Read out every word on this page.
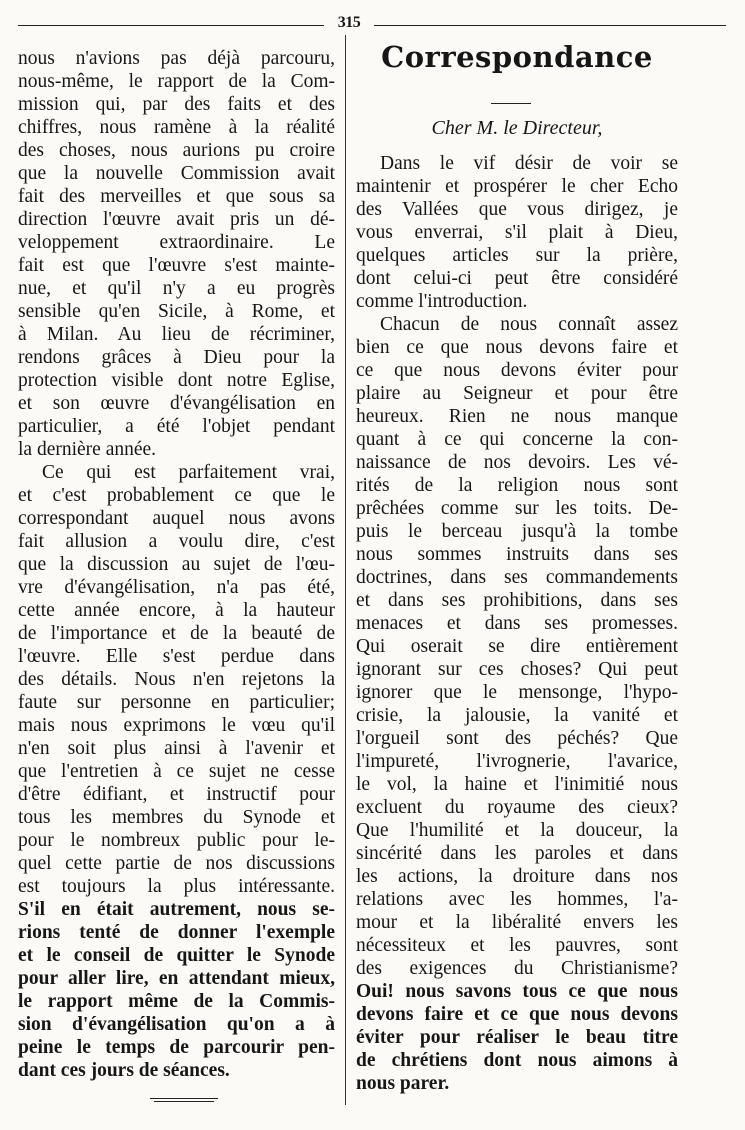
315
nous n'avions pas déjà parcouru,
nous-même, le rapport de la Com-
mission qui, par des faits et des
chiffres, nous ramène à la réalité
des choses, nous aurions pu croire
que la nouvelle Commission avait
fait des merveilles et que sous sa
direction l'œuvre avait pris un dé-
veloppement extraordinaire. Le
fait est que l'œuvre s'est mainte-
nue, et qu'il n'y a eu progrès
sensible qu'en Sicile, à Rome, et
à Milan. Au lieu de récriminer,
rendons grâces à Dieu pour la
protection visible dont notre Eglise,
et son œuvre d'évangélisation en
particulier, a été l'objet pendant
la dernière année.
Ce qui est parfaitement vrai,
et c'est probablement ce que le
correspondant auquel nous avons
fait allusion a voulu dire, c'est
que la discussion au sujet de l'œu-
vre d'évangélisation, n'a pas été,
cette année encore, à la hauteur
de l'importance et de la beauté de
l'œuvre. Elle s'est perdue dans
des détails. Nous n'en rejetons la
faute sur personne en particulier;
mais nous exprimons le vœu qu'il
n'en soit plus ainsi à l'avenir et
que l'entretien à ce sujet ne cesse
d'être édifiant, et instructif pour
tous les membres du Synode et
pour le nombreux public pour le-
quel cette partie de nos discussions
est toujours la plus intéressante.
S'il en était autrement, nous se-
rions tenté de donner l'exemple
et le conseil de quitter le Synode
pour aller lire, en attendant mieux,
le rapport même de la Commis-
sion d'évangélisation qu'on a à
peine le temps de parcourir pen-
dant ces jours de séances.
Correspondance
Cher M. le Directeur,
Dans le vif désir de voir se
maintenir et prospérer le cher Echo
des Vallées que vous dirigez, je
vous enverrai, s'il plait à Dieu,
quelques articles sur la prière,
dont celui-ci peut être considéré
comme l'introduction.
Chacun de nous connaît assez
bien ce que nous devons faire et
ce que nous devons éviter pour
plaire au Seigneur et pour être
heureux. Rien ne nous manque
quant à ce qui concerne la con-
naissance de nos devoirs. Les vé-
rités de la religion nous sont
prêchées comme sur les toits. De-
puis le berceau jusqu'à la tombe
nous sommes instruits dans ses
doctrines, dans ses commandements
et dans ses prohibitions, dans ses
menaces et dans ses promesses.
Qui oserait se dire entièrement
ignorant sur ces choses? Qui peut
ignorer que le mensonge, l'hypo-
crisie, la jalousie, la vanité et
l'orgueil sont des péchés? Que
l'impureté, l'ivrognerie, l'avarice,
le vol, la haine et l'inimitié nous
excluent du royaume des cieux?
Que l'humilité et la douceur, la
sincérité dans les paroles et dans
les actions, la droiture dans nos
relations avec les hommes, l'a-
mour et la libéralité envers les
nécessiteux et les pauvres, sont
des exigences du Christianisme?
Oui! nous savons tous ce que nous
devons faire et ce que nous devons
éviter pour réaliser le beau titre
de chrétiens dont nous aimons à
nous parer.
